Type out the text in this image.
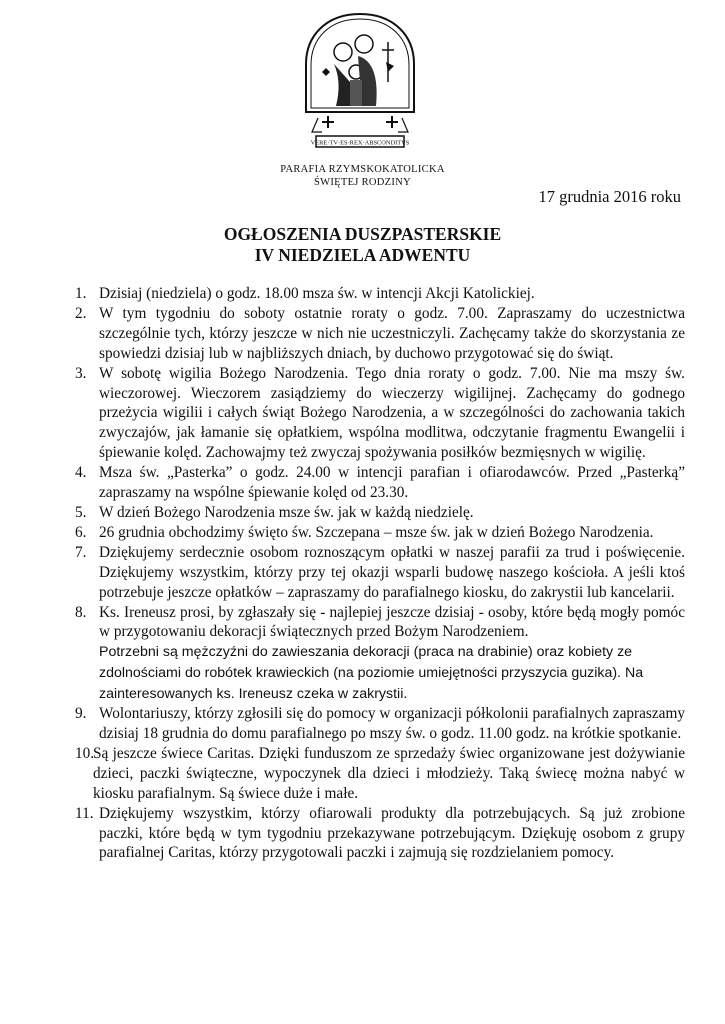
VERE·TV·ES·REX·ABSCONDITVS
PARAFIA RZYMSKOKATOLICKA
ŚWIĘTEJ RODZINY
17 grudnia 2016 roku
OGŁOSZENIA DUSZPASTERSKIE
IV NIEDZIELA ADWENTU
1. Dzisiaj (niedziela) o godz. 18.00 msza św. w intencji Akcji Katolickiej.
2. W tym tygodniu do soboty ostatnie roraty o godz. 7.00. Zapraszamy do uczestnictwa szczególnie tych, którzy jeszcze w nich nie uczestniczyli. Zachęcamy także do skorzystania ze spowiedzi dzisiaj lub w najbliższych dniach, by duchowo przygotować się do świąt.
3. W sobotę wigilia Bożego Narodzenia. Tego dnia roraty o godz. 7.00. Nie ma mszy św. wieczorowej. Wieczorem zasiądziemy do wieczerzy wigilijnej. Zachęcamy do godnego przeżycia wigilii i całych świąt Bożego Narodzenia, a w szczególności do zachowania takich zwyczajów, jak łamanie się opłatkiem, wspólna modlitwa, odczytanie fragmentu Ewangelii i śpiewanie kolęd. Zachowajmy też zwyczaj spożywania posiłków bezmięsnych w wigilię.
4. Msza św. „Pasterka” o godz. 24.00 w intencji parafian i ofiarodawców. Przed „Pasterką” zapraszamy na wspólne śpiewanie kolęd od 23.30.
5. W dzień Bożego Narodzenia msze św. jak w każdą niedzielę.
6. 26 grudnia obchodzimy święto św. Szczepana – msze św. jak w dzień Bożego Narodzenia.
7. Dziękujemy serdecznie osobom roznoszącym opłatki w naszej parafii za trud i poświęcenie. Dziękujemy wszystkim, którzy przy tej okazji wsparli budowę naszego kościoła. A jeśli ktoś potrzebuje jeszcze opłatków – zapraszamy do parafialnego kiosku, do zakrystii lub kancelarii.
8. Ks. Ireneusz prosi, by zgłaszały się - najlepiej jeszcze dzisiaj - osoby, które będą mogły pomóc w przygotowaniu dekoracji świątecznych przed Bożym Narodzeniem.
Potrzebni są mężczyźni do zawieszania dekoracji (praca na drabinie) oraz kobiety ze zdolnościami do robótek krawieckich (na poziomie umiejętności przyszycia guzika). Na zainteresowanych ks. Ireneusz czeka w zakrystii.
9. Wolontariuszy, którzy zgłosili się do pomocy w organizacji półkolonii parafialnych zapraszamy dzisiaj 18 grudnia do domu parafialnego po mszy św. o godz. 11.00 godz. na krótkie spotkanie.
10.
Są jeszcze świece Caritas. Dzięki funduszom ze sprzedaży świec organizowane jest dożywianie dzieci, paczki świąteczne, wypoczynek dla dzieci i młodzieży. Taką świecę można nabyć w kiosku parafialnym. Są świece duże i małe.
11. Dziękujemy wszystkim, którzy ofiarowali produkty dla potrzebujących. Są już zrobione paczki, które będą w tym tygodniu przekazywane potrzebującym. Dziękuję osobom z grupy parafialnej Caritas, którzy przygotowali paczki i zajmują się rozdzielaniem pomocy.
